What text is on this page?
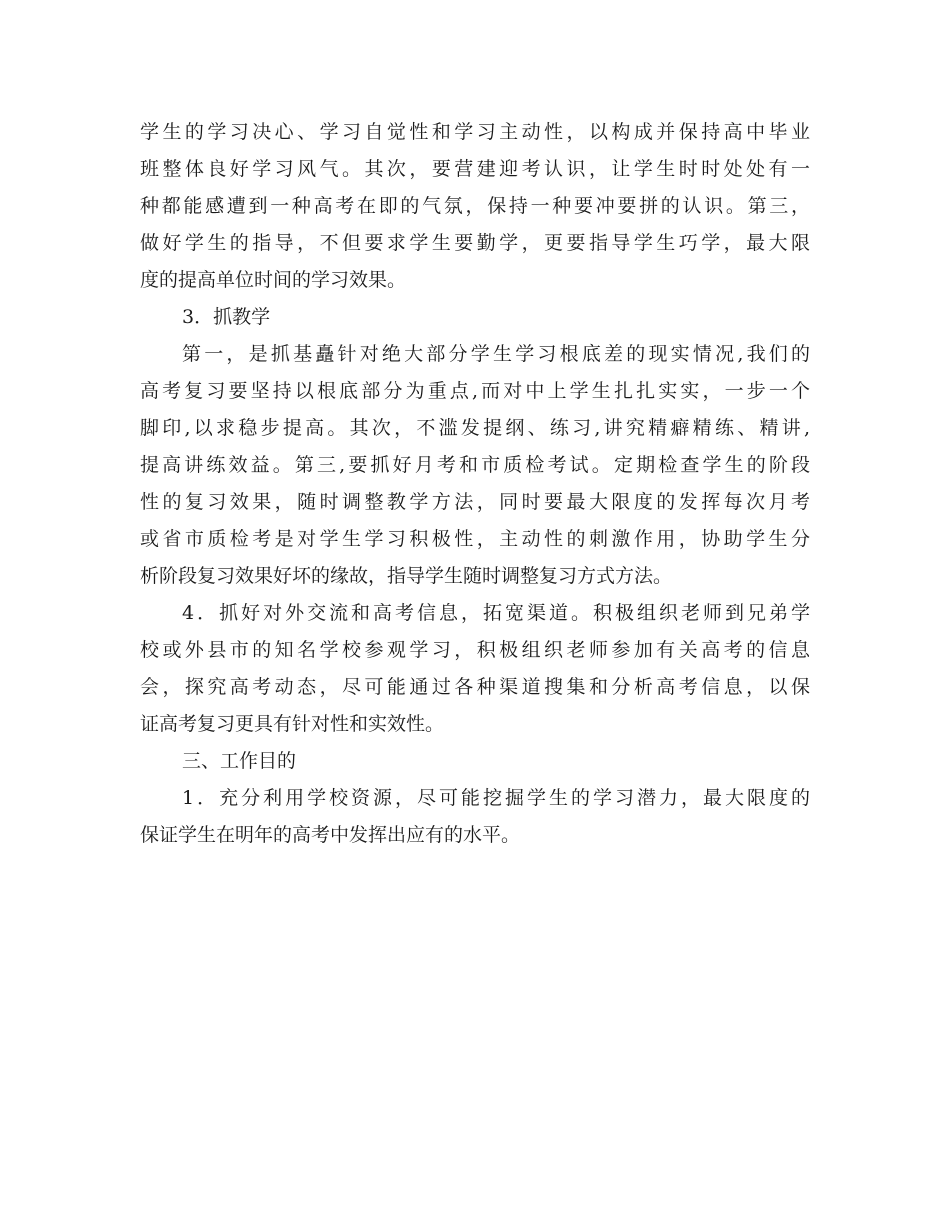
学生的学习决心、学习自觉性和学习主动性，以构成并保持高中毕业
班整体良好学习风气。其次，要营建迎考认识，让学生时时处处有一
种都能感遭到一种高考在即的气氛，保持一种要冲要拼的认识。第三，
做好学生的指导，不但要求学生要勤学，更要指导学生巧学，最大限
度的提高单位时间的学习效果。
3．抓教学
第一，是抓基矗针对绝大部分学生学习根底差的现实情况,我们的
高考复习要坚持以根底部分为重点,而对中上学生扎扎实实，一步一个
脚印,以求稳步提高。其次，不滥发提纲、练习,讲究精癖精练、精讲,
提高讲练效益。第三,要抓好月考和市质检考试。定期检查学生的阶段
性的复习效果，随时调整教学方法，同时要最大限度的发挥每次月考
或省市质检考是对学生学习积极性，主动性的刺激作用，协助学生分
析阶段复习效果好坏的缘故，指导学生随时调整复习方式方法。
4．抓好对外交流和高考信息，拓宽渠道。积极组织老师到兄弟学
校或外县市的知名学校参观学习，积极组织老师参加有关高考的信息
会，探究高考动态，尽可能通过各种渠道搜集和分析高考信息，以保
证高考复习更具有针对性和实效性。
三、工作目的
1．充分利用学校资源，尽可能挖掘学生的学习潜力，最大限度的
保证学生在明年的高考中发挥出应有的水平。
